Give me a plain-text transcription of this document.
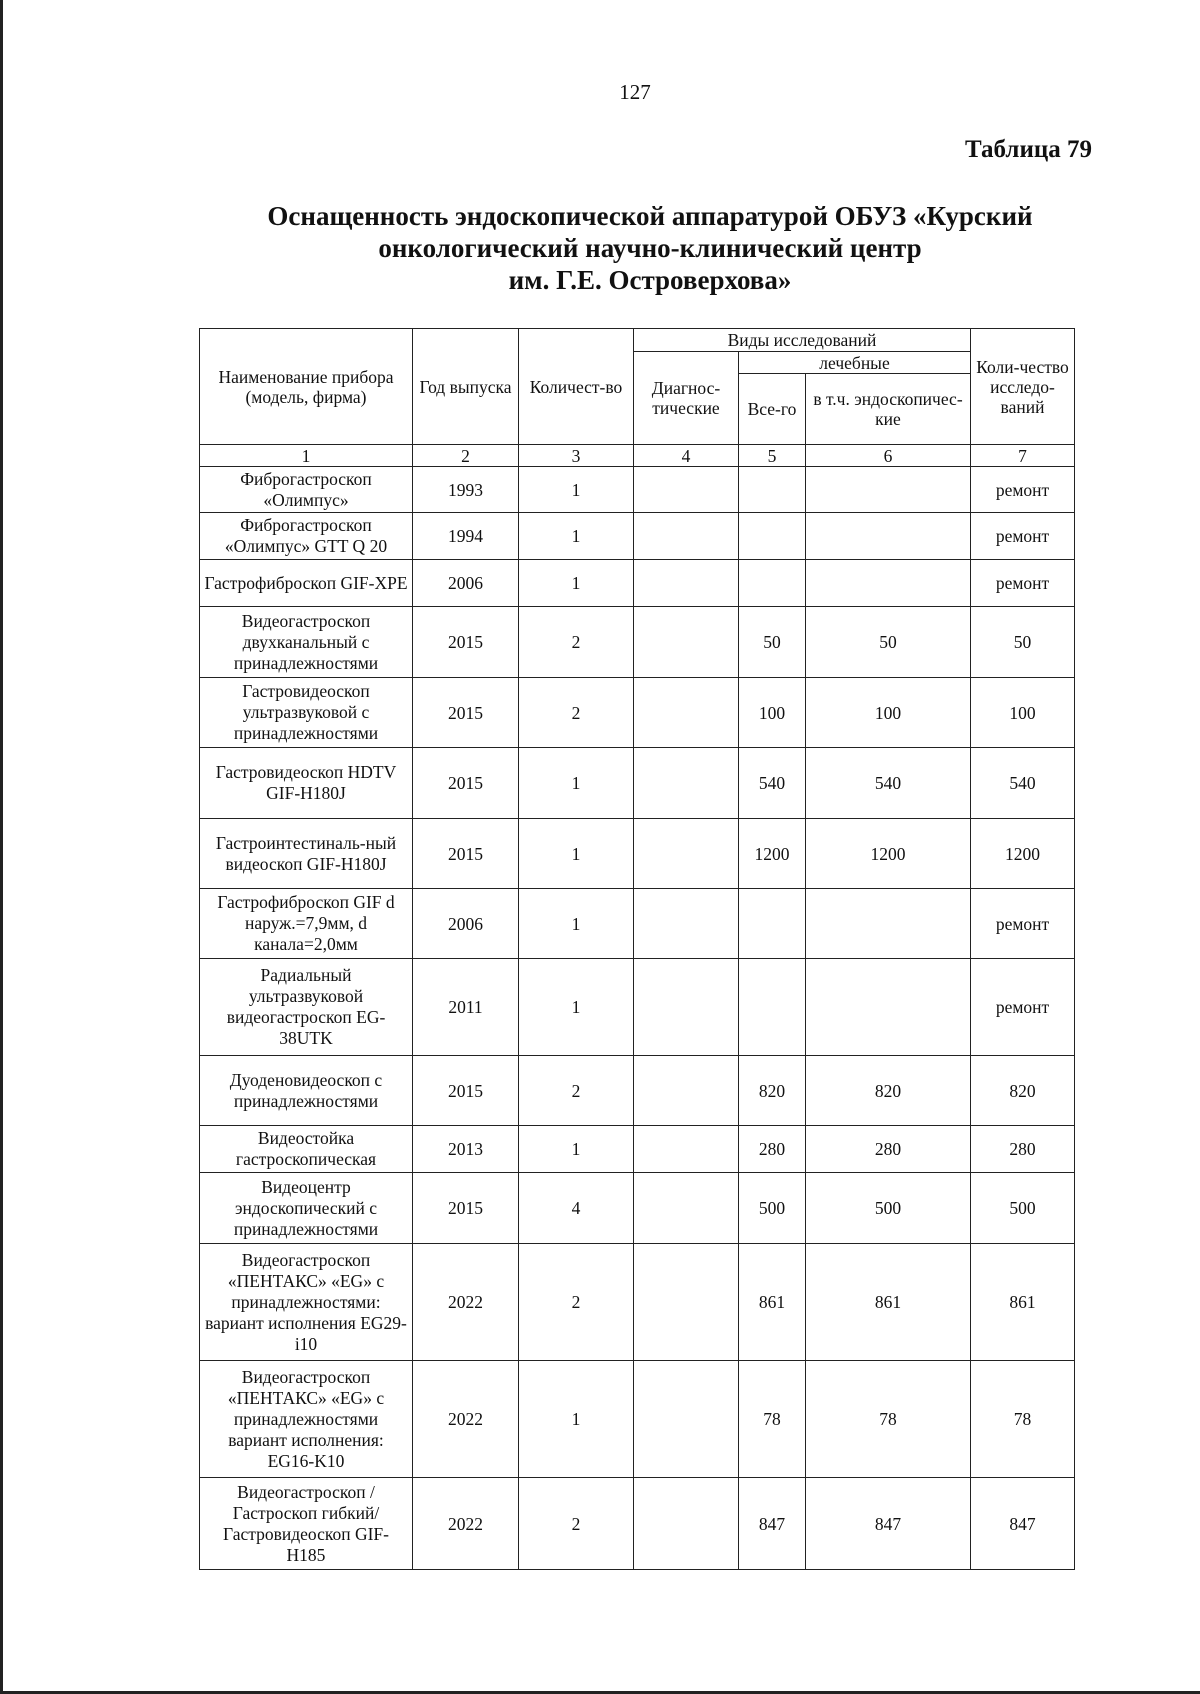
127
Таблица 79
Оснащенность эндоскопической аппаратурой ОБУЗ «Курский
онкологический научно-клинический центр
им. Г.Е. Островерхова»
Наименование прибора (модель, фирма)	Год выпуска	Количест-во	Виды исследований			Коли-чество исследо-ваний
			Диагнос-тические	лечебные		
				Все-го	в т.ч. эндоскопичес-кие	
1	2	3	4	5	6	7
Фиброгастроскоп «Олимпус»	1993	1				ремонт
Фиброгастроскоп «Олимпус» GTT Q 20	1994	1				ремонт
Гастрофиброскоп GIF-XPE	2006	1				ремонт
Видеогастроскоп двухканальный с принадлежностями	2015	2		50	50	50
Гастровидеоскоп ультразвуковой с принадлежностями	2015	2		100	100	100
Гастровидеоскоп HDTV GIF-H180J	2015	1		540	540	540
Гастроинтестиналь-ный видеоскоп GIF-H180J	2015	1		1200	1200	1200
Гастрофиброскоп GIF d наруж.=7,9мм, d канала=2,0мм	2006	1				ремонт
Радиальный ультразвуковой видеогастроскоп EG-38UTK	2011	1				ремонт
Дуоденовидеоскоп с принадлежностями	2015	2		820	820	820
Видеостойка гастроскопическая	2013	1		280	280	280
Видеоцентр эндоскопический с принадлежностями	2015	4		500	500	500
Видеогастроскоп «ПЕНТАКС» «EG» с принадлежностями: вариант исполнения EG29-i10	2022	2		861	861	861
Видеогастроскоп «ПЕНТАКС» «EG» с принадлежностями вариант исполнения: EG16-K10	2022	1		78	78	78
Видеогастроскоп / Гастроскоп гибкий/ Гастровидеоскоп GIF-H185	2022	2		847	847	847
